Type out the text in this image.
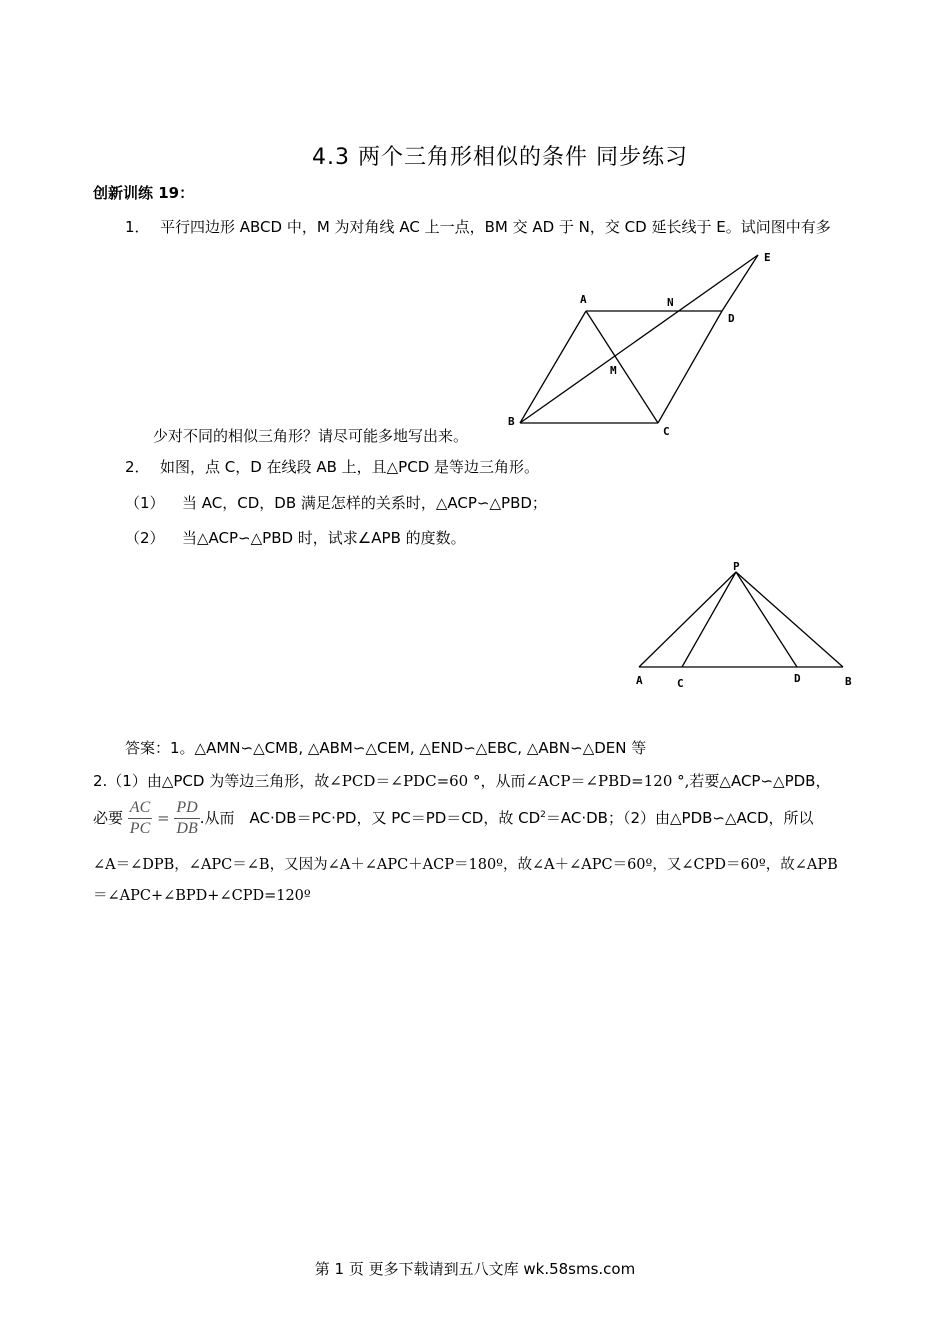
4.3 两个三角形相似的条件 同步练习
创新训练 19：
1． 平行四边形 ABCD 中，M 为对角线 AC 上一点，BM 交 AD 于 N，交 CD 延长线于 E。试问图中有多
A	N
D
E
M
B
C
少对不同的相似三角形？请尽可能多地写出来。
2． 如图，点 C，D 在线段 AB 上，且△PCD 是等边三角形。
（1） 当 AC，CD，DB 满足怎样的关系时，△ACP∽△PBD；
（2） 当△ACP∽△PBD 时，试求∠APB 的度数。
P
A	C	D	B
答案：1。△AMN∽△CMB, △ABM∽△CEM, △END∽△EBC, △ABN∽△DEN 等
2.（1）由△PCD 为等边三角形，故∠PCD＝∠PDC=60 °，从而∠ACP＝∠PBD=120 °,若要△ACP∽△PDB，
必要 $\frac{AC}{PC} = \frac{PD}{DB}$ .从而　AC·DB＝PC·PD，又 PC＝PD＝CD，故 $CD^2=AC\cdot DB$；（2）由△PDB∽△ACD，所以
∠A＝∠DPB，∠APC＝∠B，又因为∠A＋∠APC＋ACP＝180º，故∠A＋∠APC＝60º，又∠CPD＝60º，故∠APB
＝∠APC+∠BPD+∠CPD=120º
第 1 页 更多下载请到五八文库 wk.58sms.com
